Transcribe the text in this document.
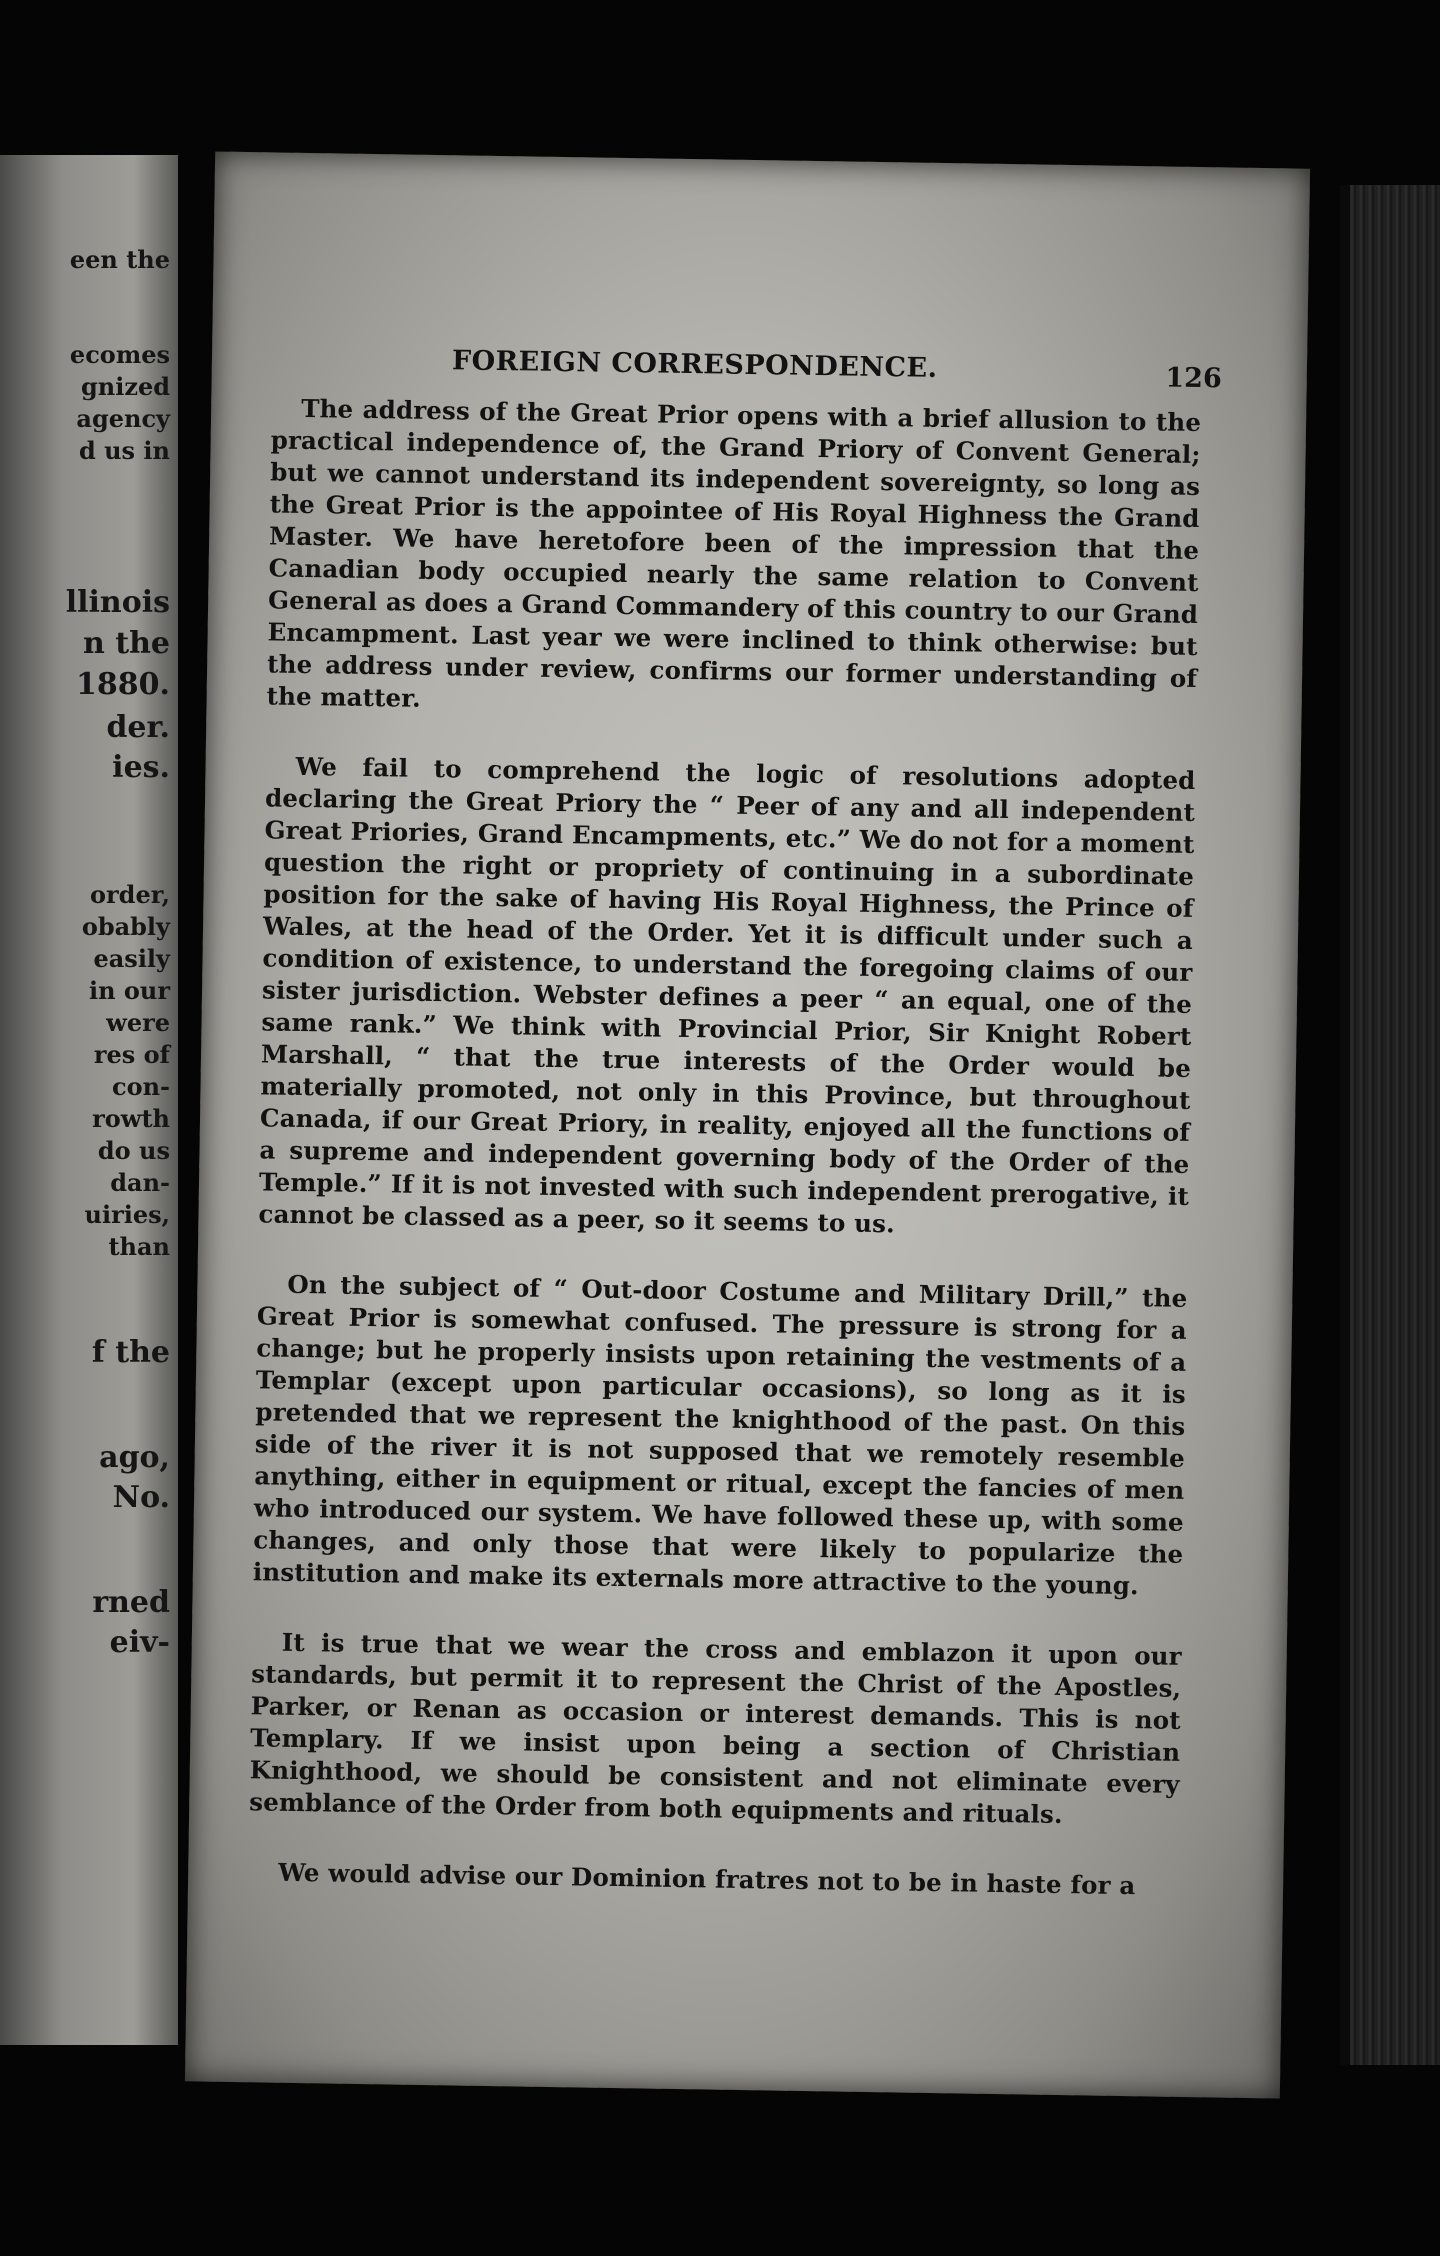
een the
ecomes
gnized
agency
d us in
llinois
n the
1880.
der.
ies.
order,
obably
easily
in our
were
res of
con-
rowth
do us
dan-
uiries,
than
f the
ago,
No.
rned
eiv-
FOREIGN CORRESPONDENCE.	126

The address of the Great Prior opens with a brief allusion to the practical independence of, the Grand Priory of Convent General; but we cannot understand its independent sovereignty, so long as the Great Prior is the appointee of His Royal Highness the Grand Master. We have heretofore been of the impression that the Canadian body occupied nearly the same relation to Convent General as does a Grand Commandery of this country to our Grand Encampment. Last year we were inclined to think otherwise: but the address under review, confirms our former understanding of the matter.

We fail to comprehend the logic of resolutions adopted declaring the Great Priory the “ Peer of any and all independent Great Priories, Grand Encampments, etc.” We do not for a moment question the right or propriety of continuing in a subordinate position for the sake of having His Royal Highness, the Prince of Wales, at the head of the Order. Yet it is difficult under such a condition of existence, to understand the foregoing claims of our sister jurisdiction. Webster defines a peer “ an equal, one of the same rank.” We think with Provincial Prior, Sir Knight Robert Marshall, “ that the true interests of the Order would be materially promoted, not only in this Province, but throughout Canada, if our Great Priory, in reality, enjoyed all the functions of a supreme and independent governing body of the Order of the Temple.” If it is not invested with such independent prerogative, it cannot be classed as a peer, so it seems to us.

On the subject of “ Out-door Costume and Military Drill,” the Great Prior is somewhat confused. The pressure is strong for a change; but he properly insists upon retaining the vestments of a Templar (except upon particular occasions), so long as it is pretended that we represent the knighthood of the past. On this side of the river it is not supposed that we remotely resemble anything, either in equipment or ritual, except the fancies of men who introduced our system. We have followed these up, with some changes, and only those that were likely to popularize the institution and make its externals more attractive to the young.

It is true that we wear the cross and emblazon it upon our standards, but permit it to represent the Christ of the Apostles, Parker, or Renan as occasion or interest demands. This is not Templary. If we insist upon being a section of Christian Knighthood, we should be consistent and not eliminate every semblance of the Order from both equipments and rituals.

We would advise our Dominion fratres not to be in haste for a
